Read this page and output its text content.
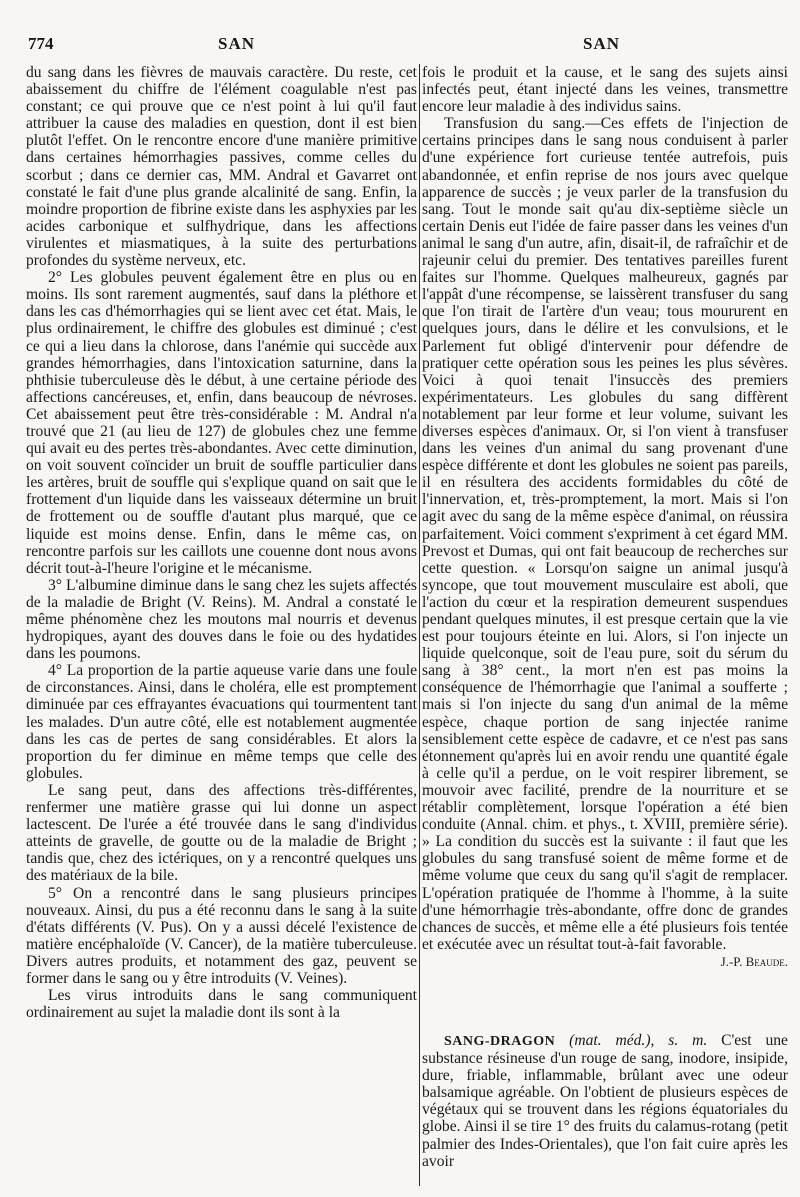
774	SAN	SAN

du sang dans les fièvres de mauvais caractère. Du reste, cet abaissement du chiffre de l'élément coagulable n'est pas constant; ce qui prouve que ce n'est point à lui qu'il faut attribuer la cause des maladies en question, dont il est bien plutôt l'effet. On le rencontre encore d'une manière primitive dans certaines hémorrhagies passives, comme celles du scorbut ; dans ce dernier cas, MM. Andral et Gavarret ont constaté le fait d'une plus grande alcalinité de sang. Enfin, la moindre proportion de fibrine existe dans les asphyxies par les acides carbonique et sulfhydrique, dans les affections virulentes et miasmatiques, à la suite des perturbations profondes du système nerveux, etc.

2° Les globules peuvent également être en plus ou en moins. Ils sont rarement augmentés, sauf dans la pléthore et dans les cas d'hémorrhagies qui se lient avec cet état. Mais, le plus ordinairement, le chiffre des globules est diminué ; c'est ce qui a lieu dans la chlorose, dans l'anémie qui succède aux grandes hémorrhagies, dans l'intoxication saturnine, dans la phthisie tuberculeuse dès le début, à une certaine période des affections cancéreuses, et, enfin, dans beaucoup de névroses. Cet abaissement peut être très-considérable : M. Andral n'a trouvé que 21 (au lieu de 127) de globules chez une femme qui avait eu des pertes très-abondantes. Avec cette diminution, on voit souvent coïncider un bruit de souffle particulier dans les artères, bruit de souffle qui s'explique quand on sait que le frottement d'un liquide dans les vaisseaux détermine un bruit de frottement ou de souffle d'autant plus marqué, que ce liquide est moins dense. Enfin, dans le même cas, on rencontre parfois sur les caillots une couenne dont nous avons décrit tout-à-l'heure l'origine et le mécanisme.

3° L'albumine diminue dans le sang chez les sujets affectés de la maladie de Bright (V. Reins). M. Andral a constaté le même phénomène chez les moutons mal nourris et devenus hydropiques, ayant des douves dans le foie ou des hydatides dans les poumons.

4° La proportion de la partie aqueuse varie dans une foule de circonstances. Ainsi, dans le choléra, elle est promptement diminuée par ces effrayantes évacuations qui tourmentent tant les malades. D'un autre côté, elle est notablement augmentée dans les cas de pertes de sang considérables. Et alors la proportion du fer diminue en même temps que celle des globules.

Le sang peut, dans des affections très-différentes, renfermer une matière grasse qui lui donne un aspect lactescent. De l'urée a été trouvée dans le sang d'individus atteints de gravelle, de goutte ou de la maladie de Bright ; tandis que, chez des ictériques, on y a rencontré quelques uns des matériaux de la bile.

5° On a rencontré dans le sang plusieurs principes nouveaux. Ainsi, du pus a été reconnu dans le sang à la suite d'états différents (V. Pus). On y a aussi décelé l'existence de matière encéphaloïde (V. Cancer), de la matière tuberculeuse. Divers autres produits, et notamment des gaz, peuvent se former dans le sang ou y être introduits (V. Veines).

Les virus introduits dans le sang communiquent ordinairement au sujet la maladie dont ils sont à la

fois le produit et la cause, et le sang des sujets ainsi infectés peut, étant injecté dans les veines, transmettre encore leur maladie à des individus sains.

Transfusion du sang.—Ces effets de l'injection de certains principes dans le sang nous conduisent à parler d'une expérience fort curieuse tentée autrefois, puis abandonnée, et enfin reprise de nos jours avec quelque apparence de succès ; je veux parler de la transfusion du sang. Tout le monde sait qu'au dix-septième siècle un certain Denis eut l'idée de faire passer dans les veines d'un animal le sang d'un autre, afin, disait-il, de rafraîchir et de rajeunir celui du premier. Des tentatives pareilles furent faites sur l'homme. Quelques malheureux, gagnés par l'appât d'une récompense, se laissèrent transfuser du sang que l'on tirait de l'artère d'un veau; tous moururent en quelques jours, dans le délire et les convulsions, et le Parlement fut obligé d'intervenir pour défendre de pratiquer cette opération sous les peines les plus sévères. Voici à quoi tenait l'insuccès des premiers expérimentateurs. Les globules du sang diffèrent notablement par leur forme et leur volume, suivant les diverses espèces d'animaux. Or, si l'on vient à transfuser dans les veines d'un animal du sang provenant d'une espèce différente et dont les globules ne soient pas pareils, il en résultera des accidents formidables du côté de l'innervation, et, très-promptement, la mort. Mais si l'on agit avec du sang de la même espèce d'animal, on réussira parfaitement. Voici comment s'expriment à cet égard MM. Prevost et Dumas, qui ont fait beaucoup de recherches sur cette question. « Lorsqu'on saigne un animal jusqu'à syncope, que tout mouvement musculaire est aboli, que l'action du cœur et la respiration demeurent suspendues pendant quelques minutes, il est presque certain que la vie est pour toujours éteinte en lui. Alors, si l'on injecte un liquide quelconque, soit de l'eau pure, soit du sérum du sang à 38° cent., la mort n'en est pas moins la conséquence de l'hémorrhagie que l'animal a soufferte ; mais si l'on injecte du sang d'un animal de la même espèce, chaque portion de sang injectée ranime sensiblement cette espèce de cadavre, et ce n'est pas sans étonnement qu'après lui en avoir rendu une quantité égale à celle qu'il a perdue, on le voit respirer librement, se mouvoir avec facilité, prendre de la nourriture et se rétablir complètement, lorsque l'opération a été bien conduite (Annal. chim. et phys., t. XVIII, première série). » La condition du succès est la suivante : il faut que les globules du sang transfusé soient de même forme et de même volume que ceux du sang qu'il s'agit de remplacer. L'opération pratiquée de l'homme à l'homme, à la suite d'une hémorrhagie très-abondante, offre donc de grandes chances de succès, et même elle a été plusieurs fois tentée et exécutée avec un résultat tout-à-fait favorable.

J.-P. Beaude.

SANG-DRAGON (mat. méd.), s. m. C'est une substance résineuse d'un rouge de sang, inodore, insipide, dure, friable, inflammable, brûlant avec une odeur balsamique agréable. On l'obtient de plusieurs espèces de végétaux qui se trouvent dans les régions équatoriales du globe. Ainsi il se tire 1° des fruits du calamus-rotang (petit palmier des Indes-Orientales), que l'on fait cuire après les avoir
